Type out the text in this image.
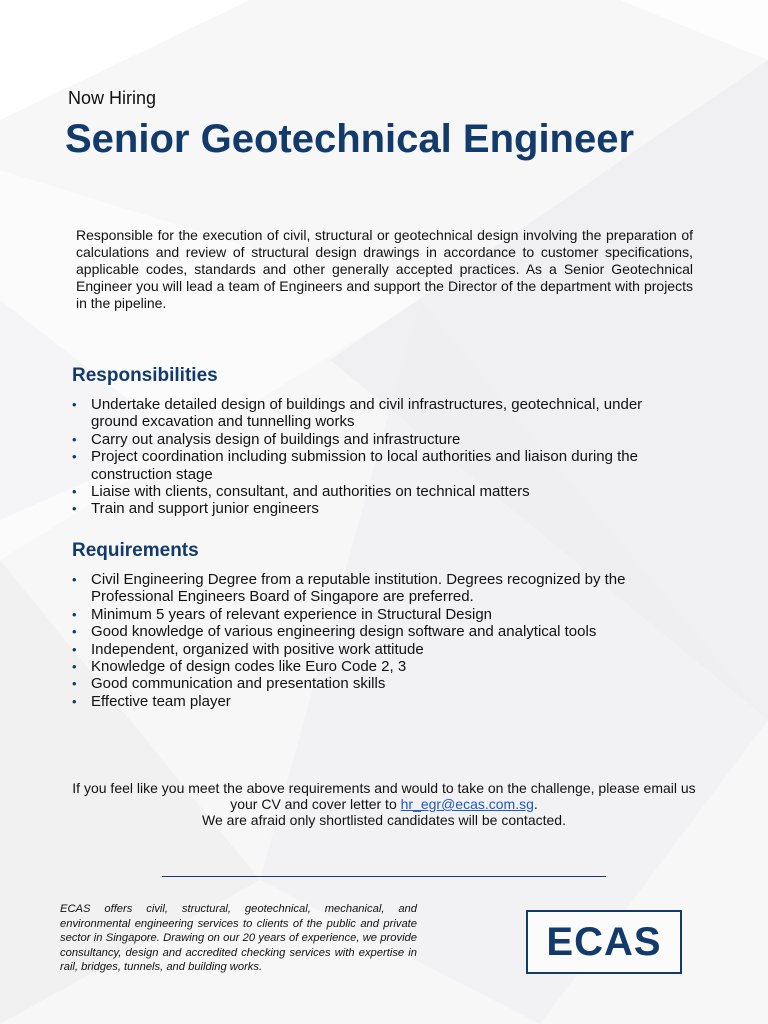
Now Hiring
Senior Geotechnical Engineer

Responsible for the execution of civil, structural or geotechnical design involving the preparation of calculations and review of structural design drawings in accordance to customer specifications, applicable codes, standards and other generally accepted practices. As a Senior Geotechnical Engineer you will lead a team of Engineers and support the Director of the department with projects in the pipeline.

Responsibilities
• Undertake detailed design of buildings and civil infrastructures, geotechnical, under ground excavation and tunnelling works
• Carry out analysis design of buildings and infrastructure
• Project coordination including submission to local authorities and liaison during the construction stage
• Liaise with clients, consultant, and authorities on technical matters
• Train and support junior engineers
Requirements
• Civil Engineering Degree from a reputable institution. Degrees recognized by the Professional Engineers Board of Singapore are preferred.
• Minimum 5 years of relevant experience in Structural Design
• Good knowledge of various engineering design software and analytical tools
• Independent, organized with positive work attitude
• Knowledge of design codes like Euro Code 2, 3
• Good communication and presentation skills
• Effective team player

If you feel like you meet the above requirements and would to take on the challenge, please email us your CV and cover letter to hr_egr@ecas.com.sg.
We are afraid only shortlisted candidates will be contacted.

ECAS offers civil, structural, geotechnical, mechanical, and environmental engineering services to clients of the public and private sector in Singapore. Drawing on our 20 years of experience, we provide consultancy, design and accredited checking services with expertise in rail, bridges, tunnels, and building works.

ECAS
